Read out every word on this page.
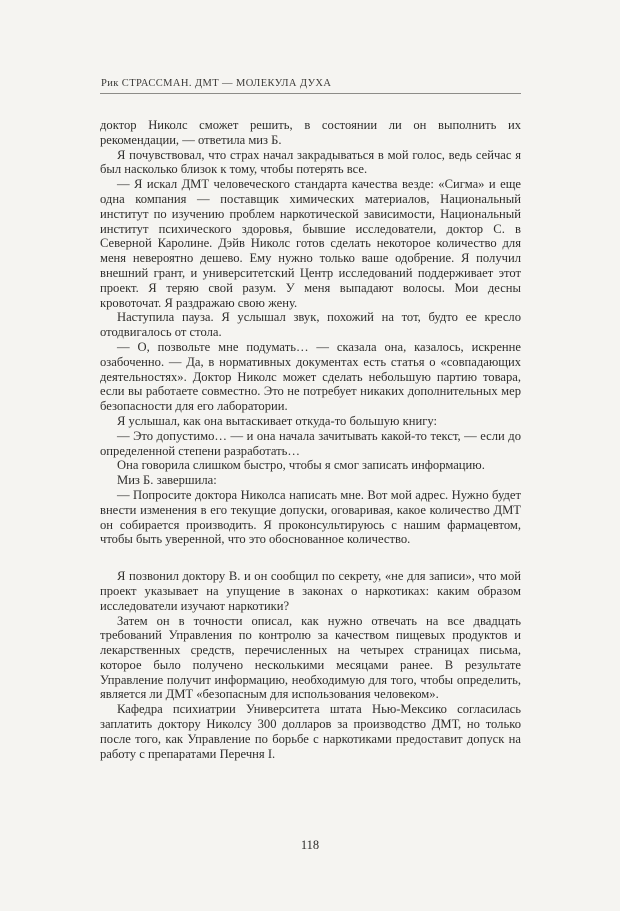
Рик СТРАССМАН. ДМТ — МОЛЕКУЛА ДУХА

доктор Николс сможет решить, в состоянии ли он выполнить их рекомендации, — ответила миз Б.

Я почувствовал, что страх начал закрадываться в мой голос, ведь сейчас я был насколько близок к тому, чтобы потерять все.

— Я искал ДМТ человеческого стандарта качества везде: «Сигма» и еще одна компания — поставщик химических материалов, Национальный институт по изучению проблем наркотической зависимости, Национальный институт психического здоровья, бывшие исследователи, доктор С. в Северной Каролине. Дэйв Николс готов сделать некоторое количество для меня невероятно дешево. Ему нужно только ваше одобрение. Я получил внешний грант, и университетский Центр исследований поддерживает этот проект. Я теряю свой разум. У меня выпадают волосы. Мои десны кровоточат. Я раздражаю свою жену.

Наступила пауза. Я услышал звук, похожий на тот, будто ее кресло отодвигалось от стола.

— О, позвольте мне подумать… — сказала она, казалось, искренне озабоченно. — Да, в нормативных документах есть статья о «совпадающих деятельностях». Доктор Николс может сделать небольшую партию товара, если вы работаете совместно. Это не потребует никаких дополнительных мер безопасности для его лаборатории.

Я услышал, как она вытаскивает откуда-то большую книгу:

— Это допустимо… — и она начала зачитывать какой-то текст, — если до определенной степени разработать…

Она говорила слишком быстро, чтобы я смог записать информацию.

Миз Б. завершила:

— Попросите доктора Николса написать мне. Вот мой адрес. Нужно будет внести изменения в его текущие допуски, оговаривая, какое количество ДМТ он собирается производить. Я проконсультируюсь с нашим фармацевтом, чтобы быть уверенной, что это обоснованное количество.

Я позвонил доктору В. и он сообщил по секрету, «не для записи», что мой проект указывает на упущение в законах о наркотиках: каким образом исследователи изучают наркотики?

Затем он в точности описал, как нужно отвечать на все двадцать требований Управления по контролю за качеством пищевых продуктов и лекарственных средств, перечисленных на четырех страницах письма, которое было получено несколькими месяцами ранее. В результате Управление получит информацию, необходимую для того, чтобы определить, является ли ДМТ «безопасным для использования человеком».

Кафедра психиатрии Университета штата Нью-Мексико согласилась заплатить доктору Николсу 300 долларов за производство ДМТ, но только после того, как Управление по борьбе с наркотиками предоставит допуск на работу с препаратами Перечня I.

118
